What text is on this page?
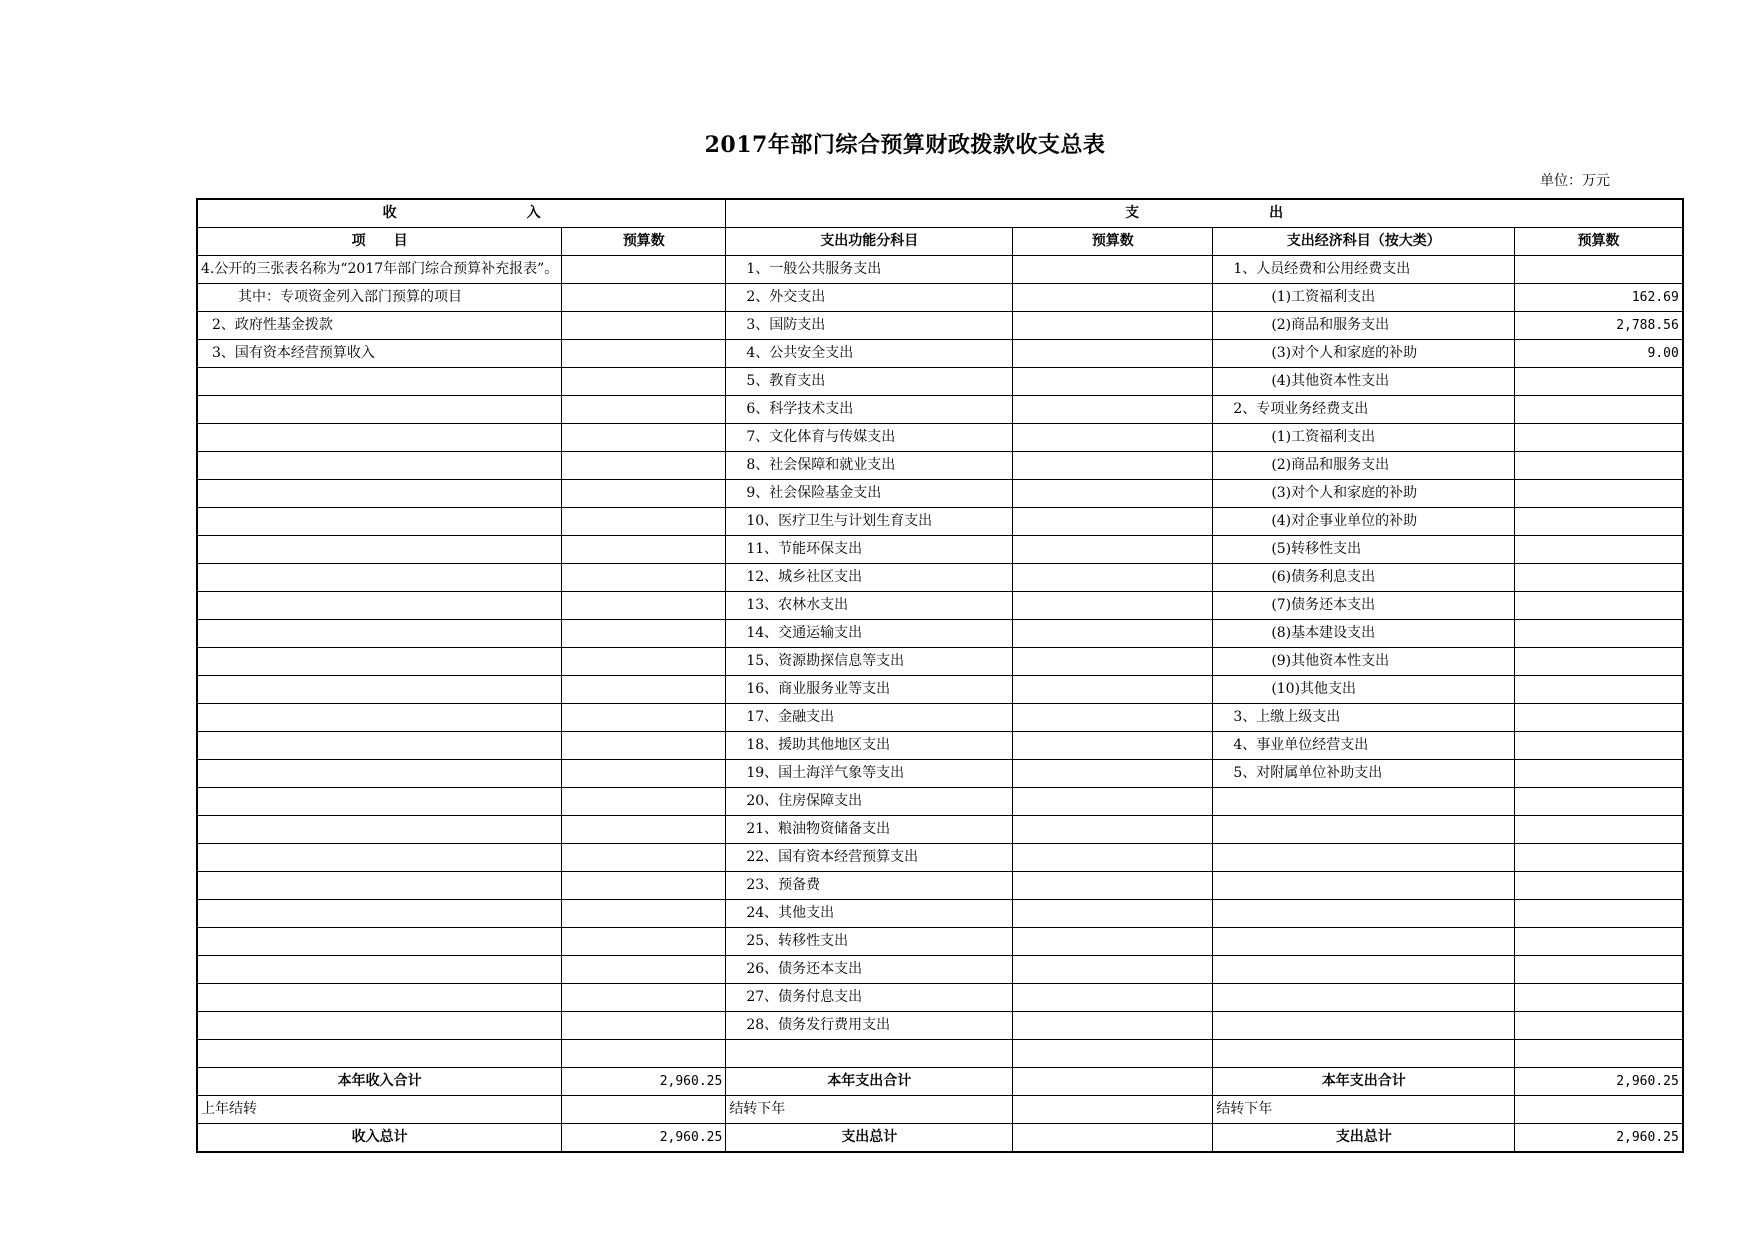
2017年部门综合预算财政拨款收支总表
单位：万元
收 入		支 出			
项　　目	预算数	支出功能分科目	预算数	支出经济科目（按大类）	预算数
4.公开的三张表名称为“2017年部门综合预算补充报表”。		1、一般公共服务支出		1、人员经费和公用经费支出	
其中：专项资金列入部门预算的项目		2、外交支出		(1)工资福利支出	162.69
2、政府性基金拨款		3、国防支出		(2)商品和服务支出	2,788.56
3、国有资本经营预算收入		4、公共安全支出		(3)对个人和家庭的补助	9.00
		5、教育支出		(4)其他资本性支出	
		6、科学技术支出		2、专项业务经费支出	
		7、文化体育与传媒支出		(1)工资福利支出	
		8、社会保障和就业支出		(2)商品和服务支出	
		9、社会保险基金支出		(3)对个人和家庭的补助	
		10、医疗卫生与计划生育支出		(4)对企事业单位的补助	
		11、节能环保支出		(5)转移性支出	
		12、城乡社区支出		(6)债务利息支出	
		13、农林水支出		(7)债务还本支出	
		14、交通运输支出		(8)基本建设支出	
		15、资源勘探信息等支出		(9)其他资本性支出	
		16、商业服务业等支出		(10)其他支出	
		17、金融支出		3、上缴上级支出	
		18、援助其他地区支出		4、事业单位经营支出	
		19、国土海洋气象等支出		5、对附属单位补助支出	
		20、住房保障支出			
		21、粮油物资储备支出			
		22、国有资本经营预算支出			
		23、预备费			
		24、其他支出			
		25、转移性支出			
		26、债务还本支出			
		27、债务付息支出			
		28、债务发行费用支出			

本年收入合计	2,960.25	本年支出合计		本年支出合计	2,960.25
上年结转		结转下年		结转下年	
收入总计	2,960.25	支出总计		支出总计	2,960.25
